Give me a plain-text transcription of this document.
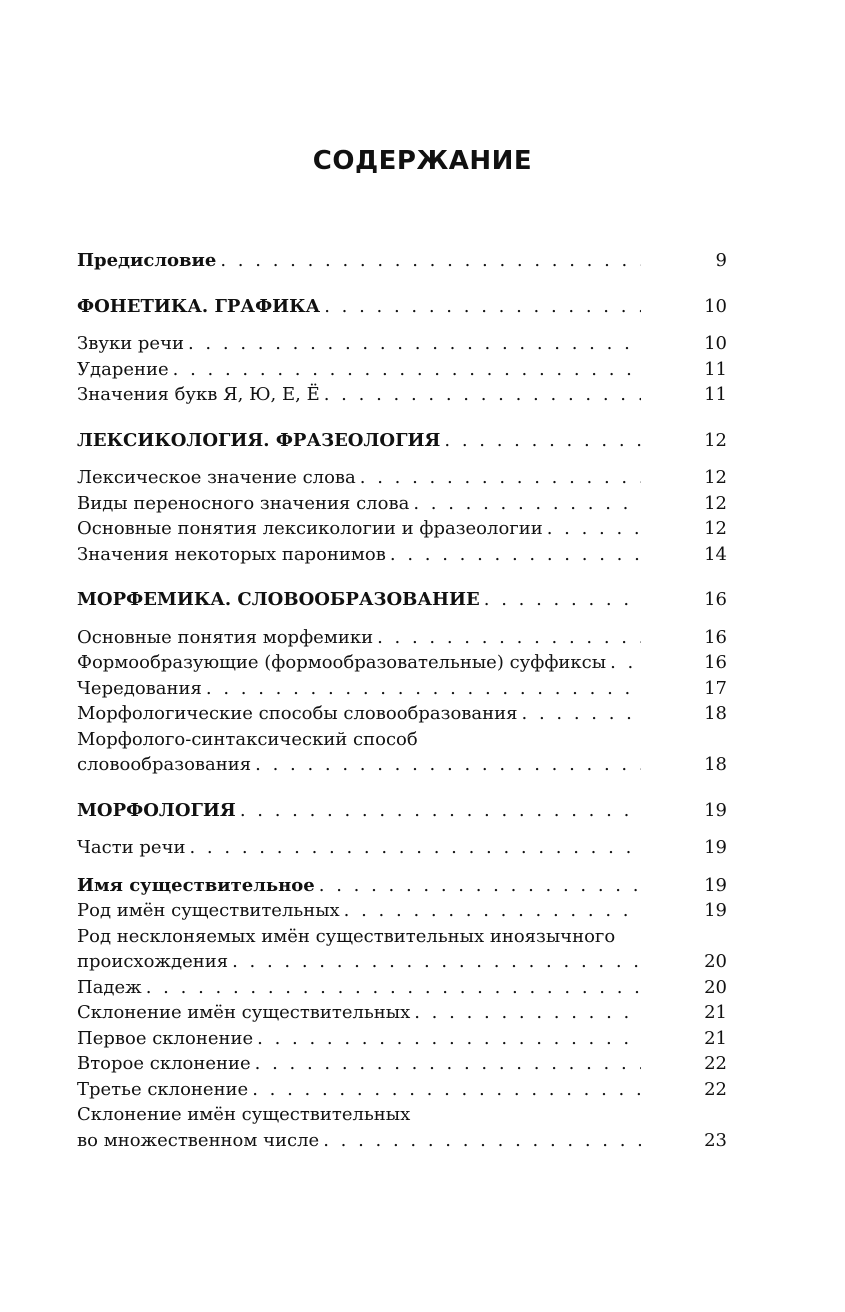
СОДЕРЖАНИЕ
Предисловие . . .	9
ФОНЕТИКА. ГРАФИКА . . .	10
Звуки речи . . .	10
Ударение . . .	11
Значения букв Я, Ю, Е, Ё . . .	11
ЛЕКСИКОЛОГИЯ. ФРАЗЕОЛОГИЯ . . .	12
Лексическое значение слова . . .	12
Виды переносного значения слова . . .	12
Основные понятия лексикологии и фразеологии . . .	12
Значения некоторых паронимов . . .	14
МОРФЕМИКА. СЛОВООБРАЗОВАНИЕ . . .	16
Основные понятия морфемики . . .	16
Формообразующие (формообразовательные) суффиксы . . .	16
Чередования . . .	17
Морфологические способы словообразования . . .	18
Морфолого-синтаксический способ
словообразования . . .	18
МОРФОЛОГИЯ . . .	19
Части речи . . .	19
Имя существительное . . .	19
Род имён существительных . . .	19
Род несклоняемых имён существительных иноязычного
происхождения . . .	20
Падеж . . .	20
Склонение имён существительных . . .	21
Первое склонение . . .	21
Второе склонение . . .	22
Третье склонение . . .	22
Склонение имён существительных
во множественном числе . . .	23
